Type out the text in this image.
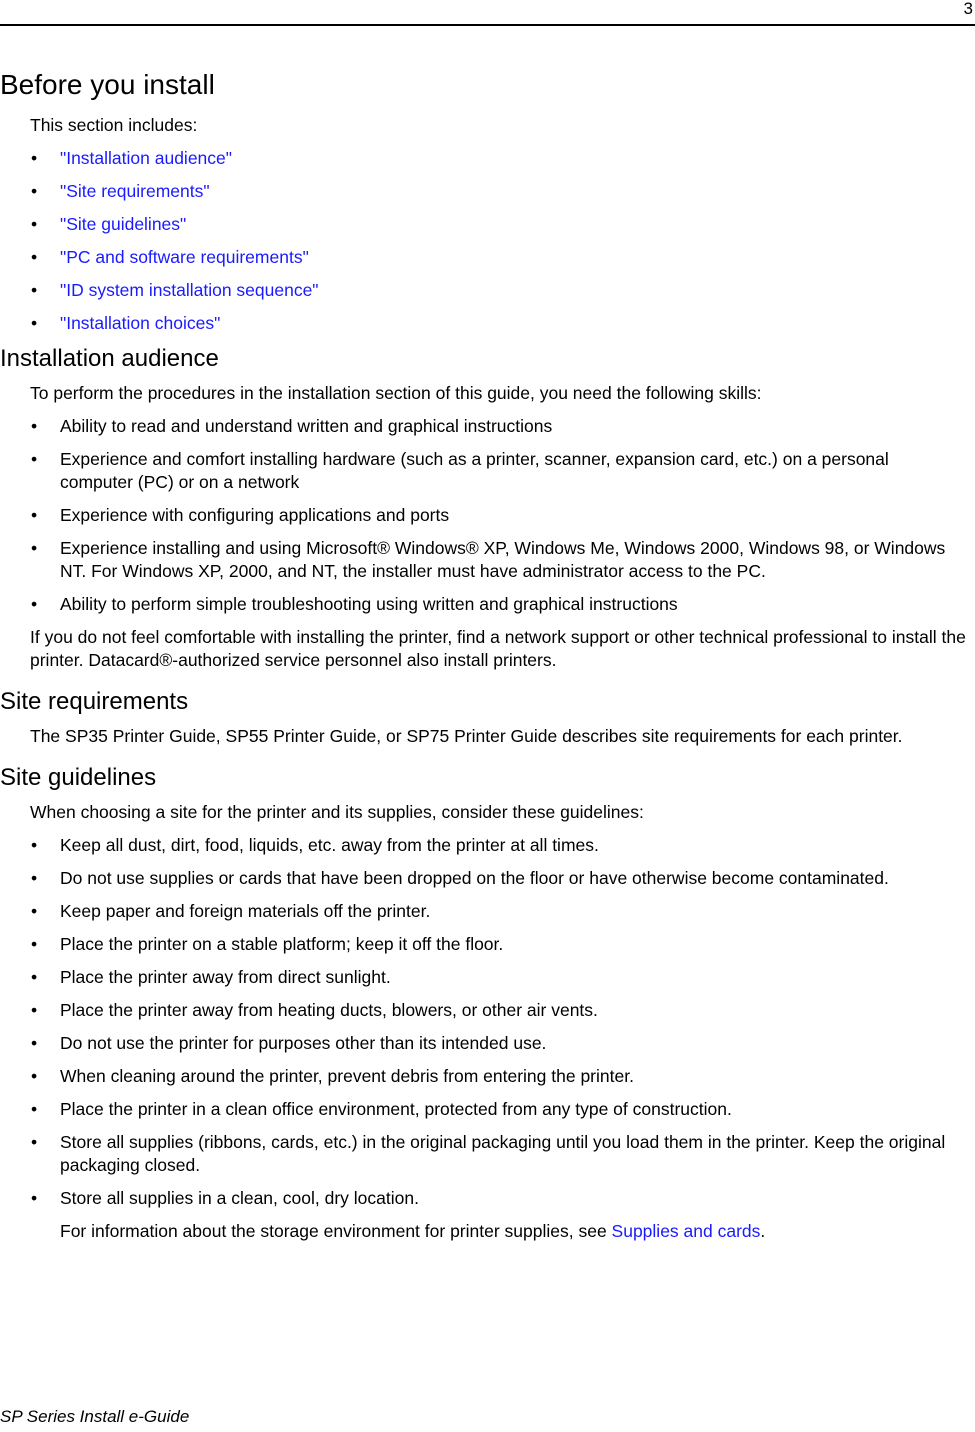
3
Before you install

This section includes:

• "Installation audience"
• "Site requirements"
• "Site guidelines"
• "PC and software requirements"
• "ID system installation sequence"
• "Installation choices"
Installation audience

To perform the procedures in the installation section of this guide, you need the following skills:

• Ability to read and understand written and graphical instructions
• Experience and comfort installing hardware (such as a printer, scanner, expansion card, etc.) on a personal computer (PC) or on a network
• Experience with configuring applications and ports
• Experience installing and using Microsoft® Windows® XP, Windows Me, Windows 2000, Windows 98, or Windows NT. For Windows XP, 2000, and NT, the installer must have administrator access to the PC.
• Ability to perform simple troubleshooting using written and graphical instructions

If you do not feel comfortable with installing the printer, find a network support or other technical professional to install the printer. Datacard®-authorized service personnel also install printers.

Site requirements

The SP35 Printer Guide, SP55 Printer Guide, or SP75 Printer Guide describes site requirements for each printer.

Site guidelines

When choosing a site for the printer and its supplies, consider these guidelines:

• Keep all dust, dirt, food, liquids, etc. away from the printer at all times.
• Do not use supplies or cards that have been dropped on the floor or have otherwise become contaminated.
• Keep paper and foreign materials off the printer.
• Place the printer on a stable platform; keep it off the floor.
• Place the printer away from direct sunlight.
• Place the printer away from heating ducts, blowers, or other air vents.
• Do not use the printer for purposes other than its intended use.
• When cleaning around the printer, prevent debris from entering the printer.
• Place the printer in a clean office environment, protected from any type of construction.
• Store all supplies (ribbons, cards, etc.) in the original packaging until you load them in the printer. Keep the original packaging closed.
• Store all supplies in a clean, cool, dry location.

For information about the storage environment for printer supplies, see Supplies and cards.

SP Series Install e-Guide
